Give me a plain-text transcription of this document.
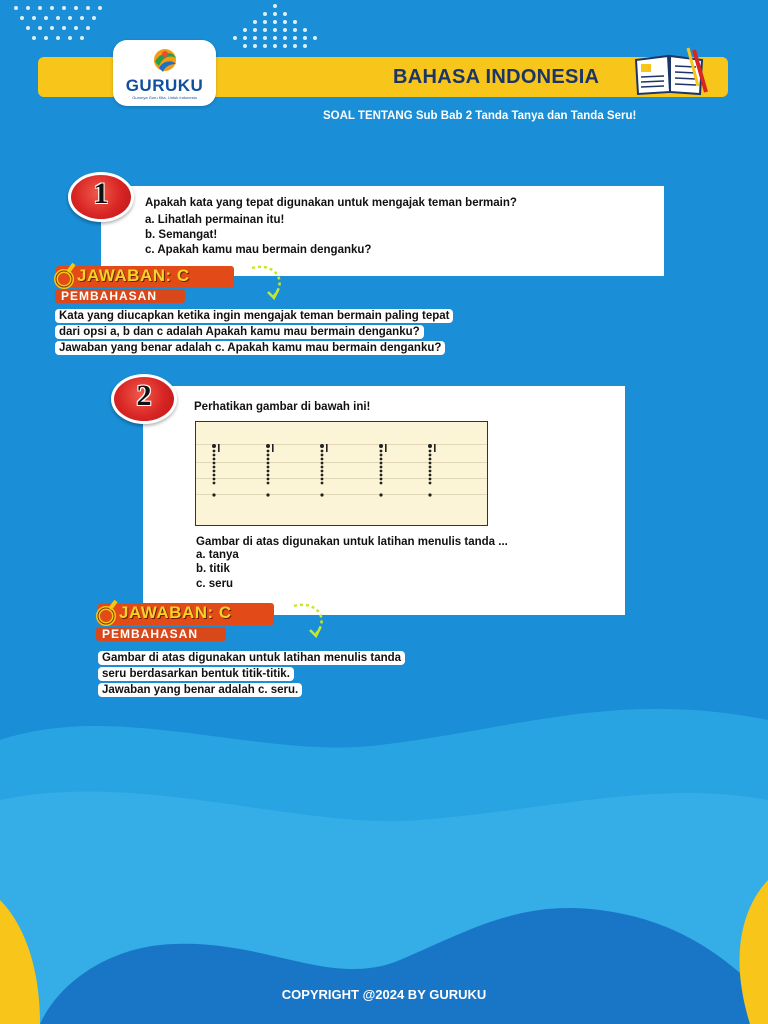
BAHASA INDONESIA
GURUKU
Gurunya Guru Kita, Untuk Indonesia
SOAL TENTANG Sub Bab 2 Tanda Tanya dan Tanda Seru!
1	Apakah kata yang tepat digunakan untuk mengajak teman bermain?
a. Lihatlah permainan itu!
b. Semangat!
c. Apakah kamu mau bermain denganku?
JAWABAN: C
PEMBAHASAN
Kata yang diucapkan ketika ingin mengajak teman bermain paling tepat
dari opsi a, b dan c adalah Apakah kamu mau bermain denganku?
Jawaban yang benar adalah c. Apakah kamu mau bermain denganku?
2	Perhatikan gambar di bawah ini!
Gambar di atas digunakan untuk latihan menulis tanda ...
a. tanya
b. titik
c. seru
JAWABAN: C
PEMBAHASAN
Gambar di atas digunakan untuk latihan menulis tanda
seru berdasarkan bentuk titik-titik.
Jawaban yang benar adalah c. seru.
COPYRIGHT @2024 BY GURUKU
